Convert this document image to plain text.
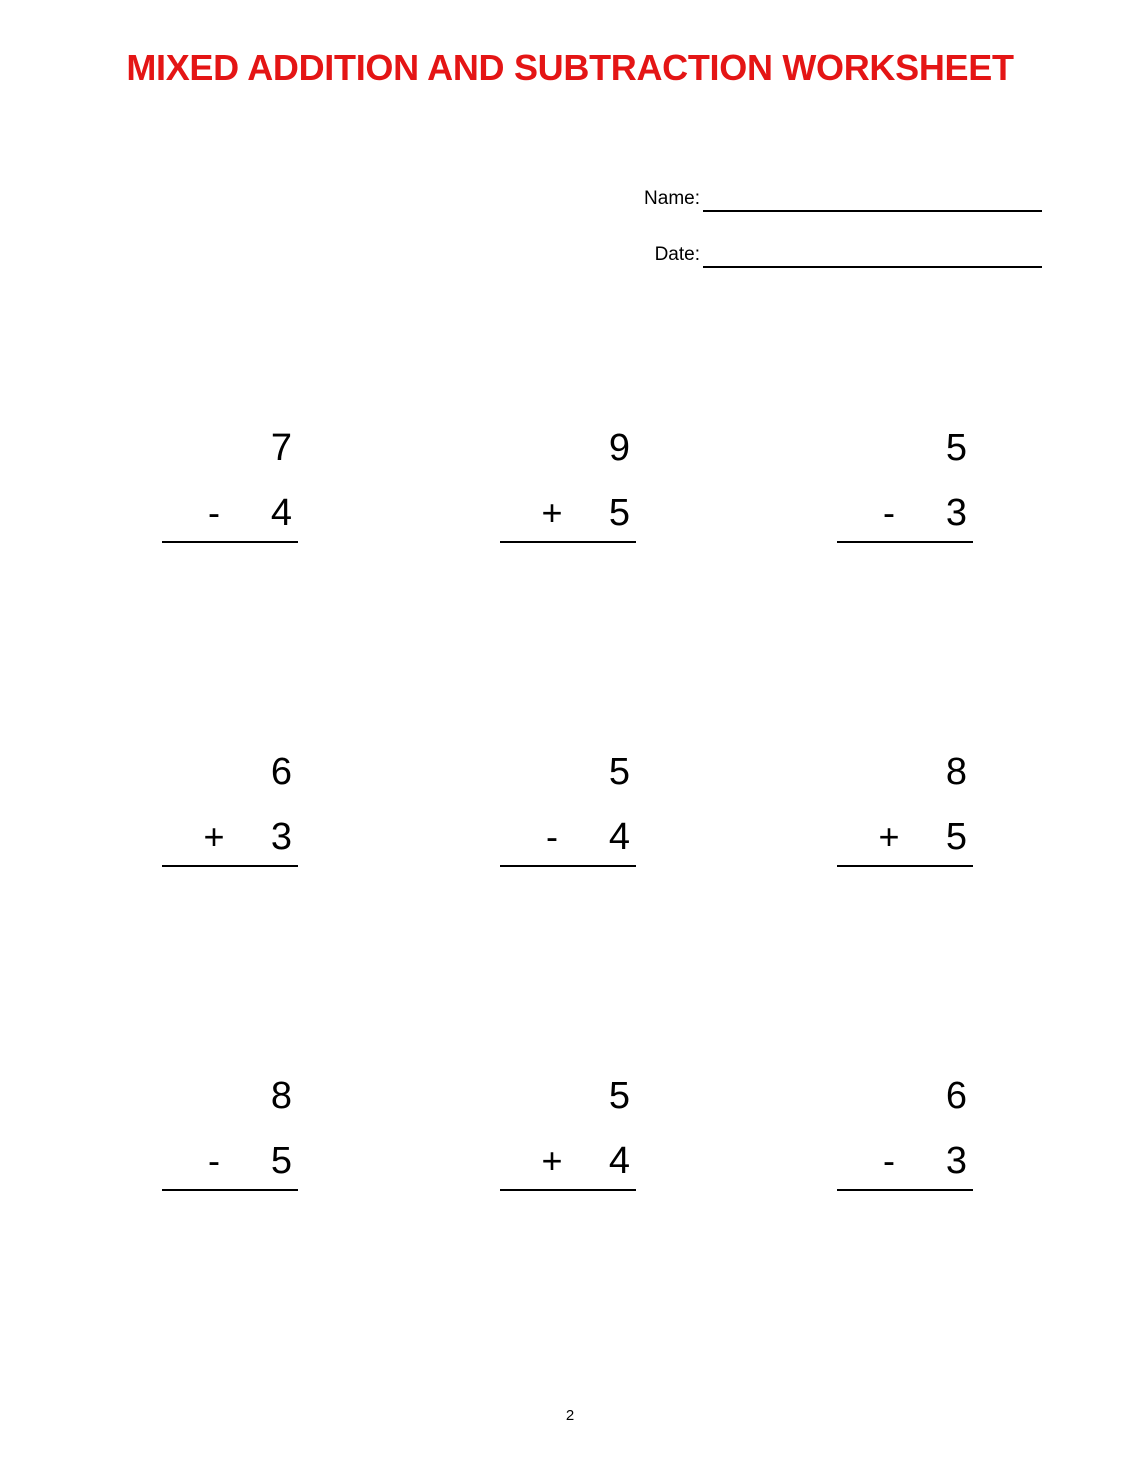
MIXED ADDITION AND SUBTRACTION WORKSHEET
Name:
Date:
7
- 4
9
+ 5
5
- 3
6
+ 3
5
- 4
8
+ 5
8
- 5
5
+ 4
6
- 3
2
